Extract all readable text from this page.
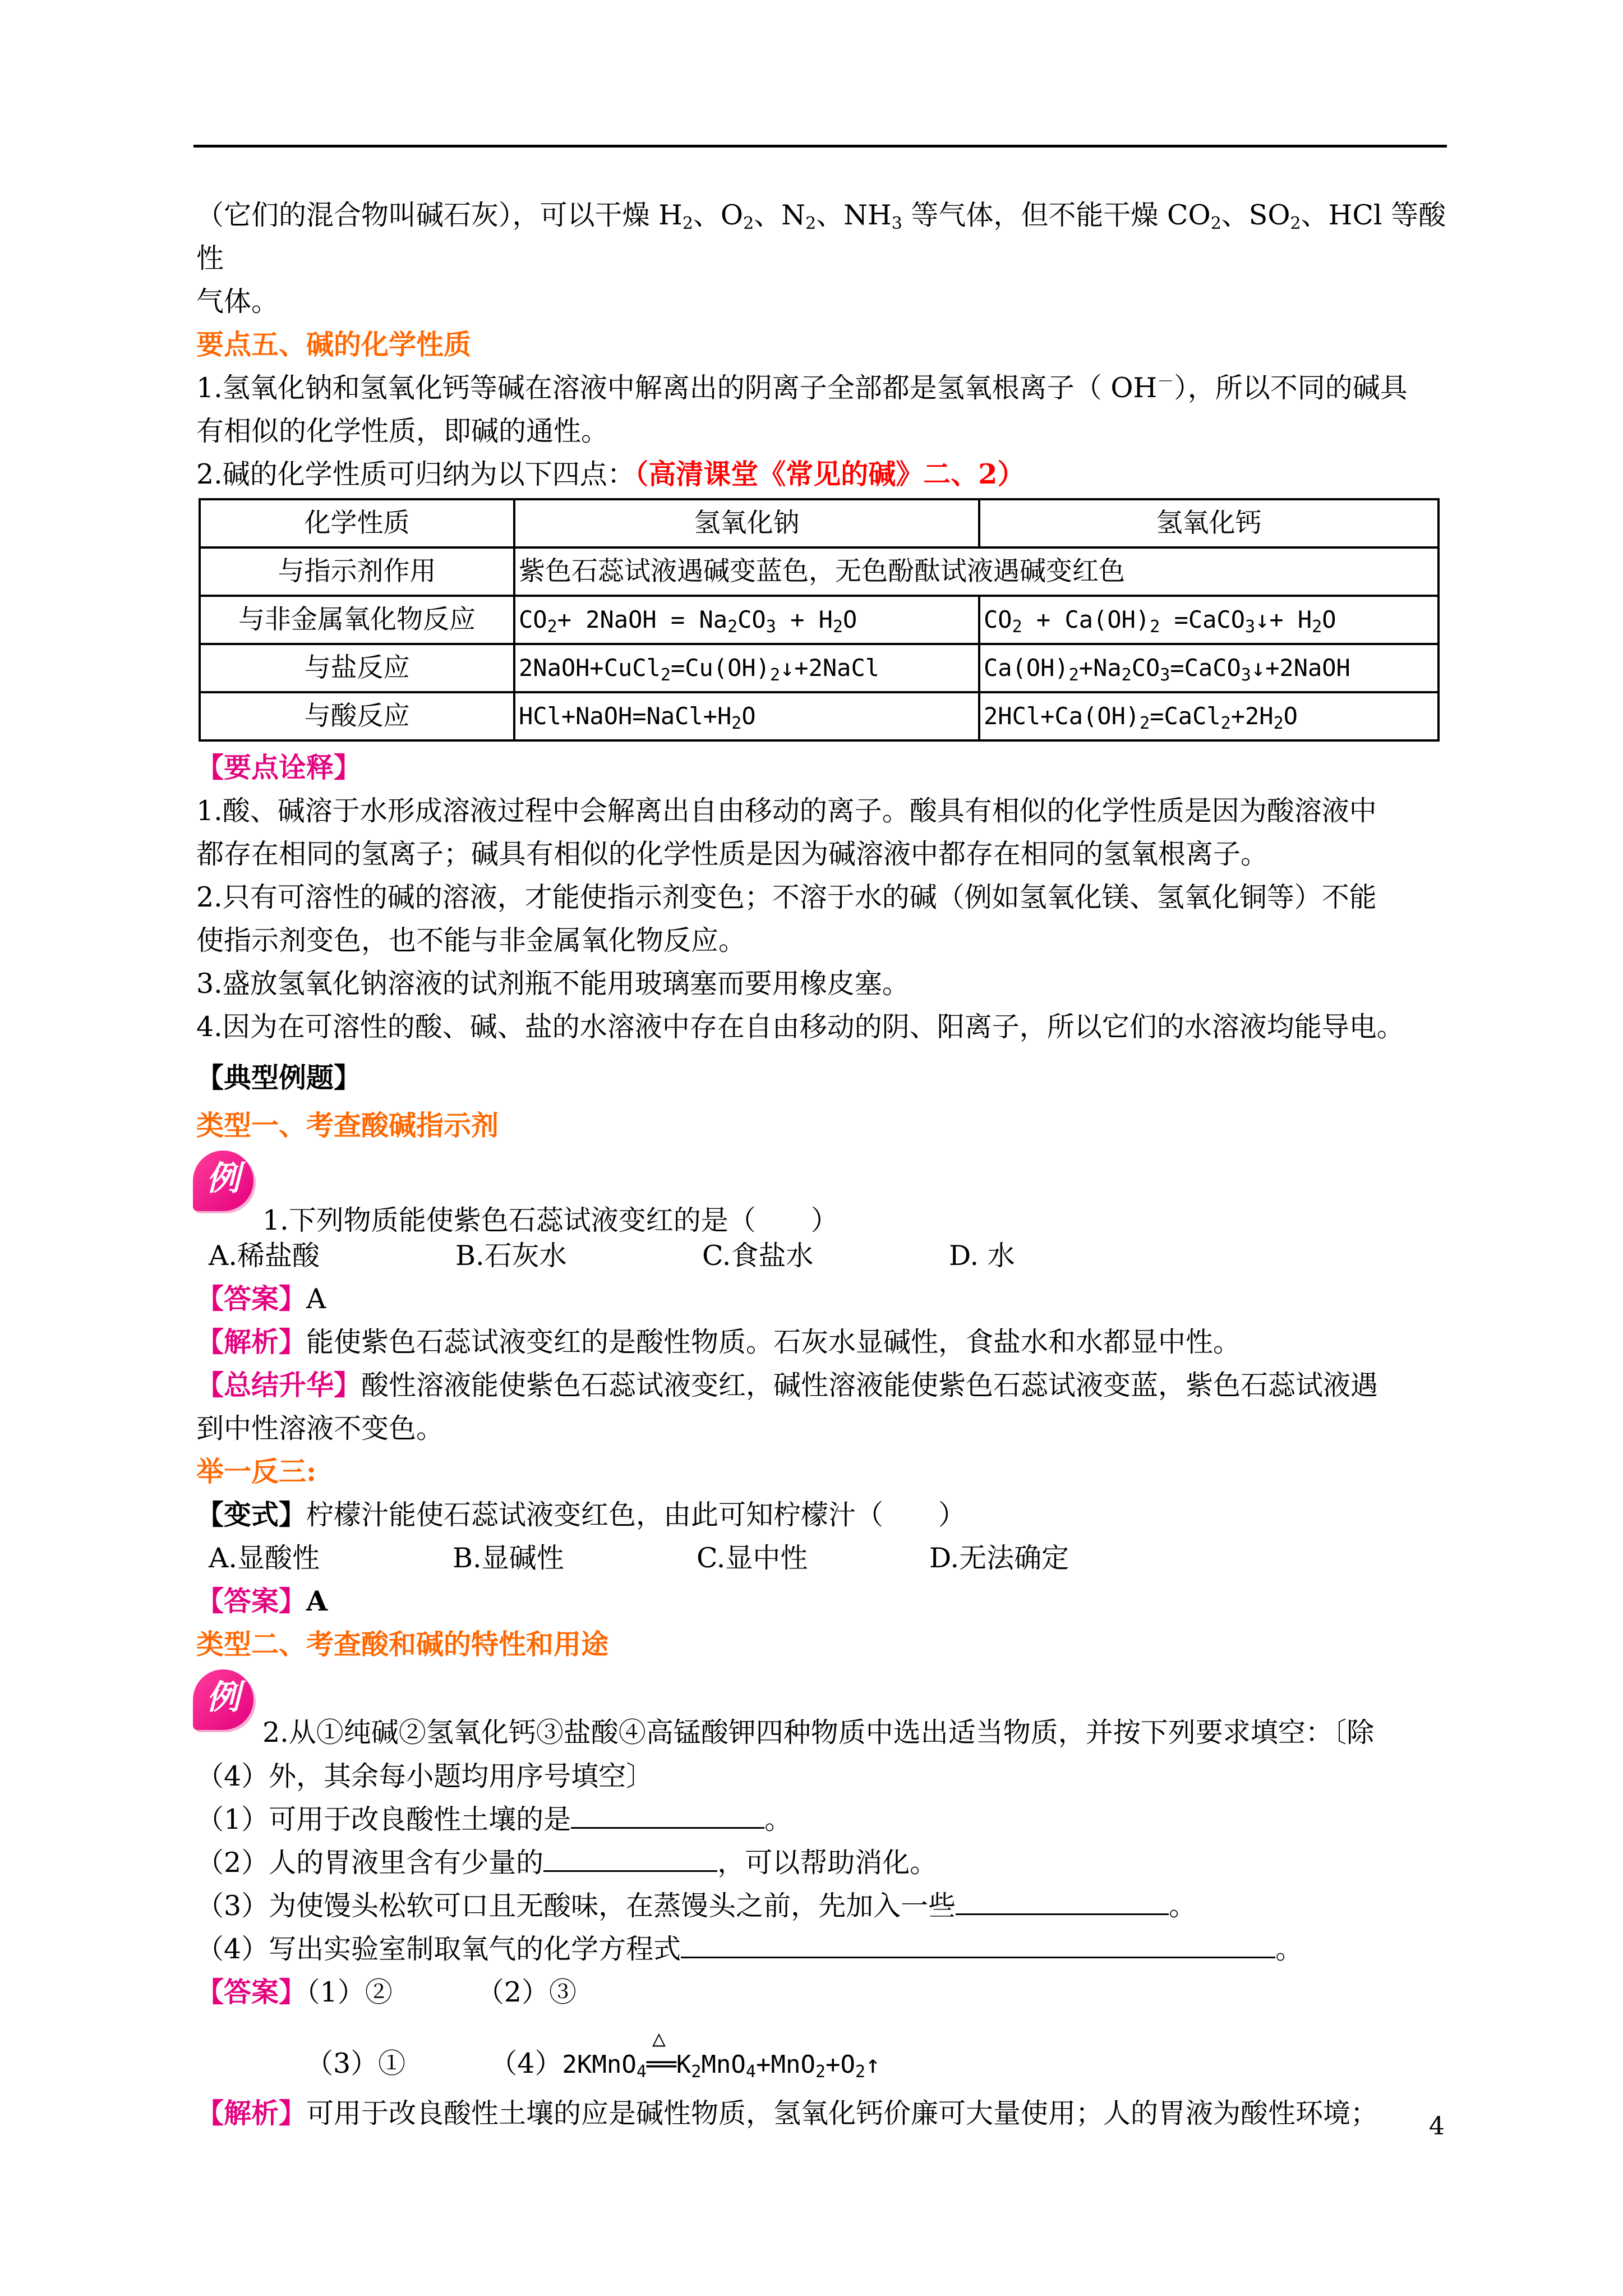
（它们的混合物叫碱石灰），可以干燥 $H_2$、$O_2$、$N_2$、$NH_3$ 等气体，但不能干燥 $CO_2$、$SO_2$、HCl 等酸性

气体。

要点五、碱的化学性质

1.氢氧化钠和氢氧化钙等碱在溶液中解离出的阴离子全部都是氢氧根离子（ OH－），所以不同的碱具

有相似的化学性质，即碱的通性。

2.碱的化学性质可归纳为以下四点：（高清课堂《常见的碱》二、2）

化学性质	氢氧化钠	氢氧化钙
与指示剂作用	紫色石蕊试液遇碱变蓝色，无色酚酞试液遇碱变红色	
与非金属氧化物反应	$CO_2+$ 2NaOH = $Na_2CO_3 + H_2O$	$CO_2 + Ca(OH)_2$ =CaCO$_3$↓+ $H_2O$
与盐反应	$2NaOH+CuCl_2=Cu(OH)_2↓+2NaCl$	$Ca(OH)_2+Na_2CO_3=CaCO_3↓+2NaOH$
与酸反应	$HCl+NaOH=NaCl+H_2O$	$2HCl+Ca(OH)_2=CaCl_2+2H_2O$

【要点诠释】

1.酸、碱溶于水形成溶液过程中会解离出自由移动的离子。酸具有相似的化学性质是因为酸溶液中

都存在相同的氢离子；碱具有相似的化学性质是因为碱溶液中都存在相同的氢氧根离子。

2.只有可溶性的碱的溶液，才能使指示剂变色；不溶于水的碱（例如氢氧化镁、氢氧化铜等）不能

使指示剂变色，也不能与非金属氧化物反应。

3.盛放氢氧化钠溶液的试剂瓶不能用玻璃塞而要用橡皮塞。

4.因为在可溶性的酸、碱、盐的水溶液中存在自由移动的阴、阳离子，所以它们的水溶液均能导电。

【典型例题】

类型一、考查酸碱指示剂

例
1.下列物质能使紫色石蕊试液变红的是（　　）
A.稀盐酸	B.石灰水	C.食盐水	D. 水

【答案】A

【解析】能使紫色石蕊试液变红的是酸性物质。石灰水显碱性，食盐水和水都显中性。

【总结升华】酸性溶液能使紫色石蕊试液变红，碱性溶液能使紫色石蕊试液变蓝，紫色石蕊试液遇

到中性溶液不变色。

举一反三:

【变式】柠檬汁能使石蕊试液变红色，由此可知柠檬汁（　　）

A.显酸性	B.显碱性	C.显中性	D.无法确定

【答案】A

类型二、考查酸和碱的特性和用途

例
2.从①纯碱②氢氧化钙③盐酸④高锰酸钾四种物质中选出适当物质，并按下列要求填空：〔除

（4）外，其余每小题均用序号填空〕

（1）可用于改良酸性土壤的是	。

（2）人的胃液里含有少量的	，可以帮助消化。

（3）为使馒头松软可口且无酸味，在蒸馒头之前，先加入一些	。

（4）写出实验室制取氧气的化学方程式	。

【答案】（1）②	（2）③

（3）①	（4）2KMnO$_4$
△
$══K_2MnO_4+MnO_2+O_2↑$

【解析】可用于改良酸性土壤的应是碱性物质，氢氧化钙价廉可大量使用；人的胃液为酸性环境；	4
